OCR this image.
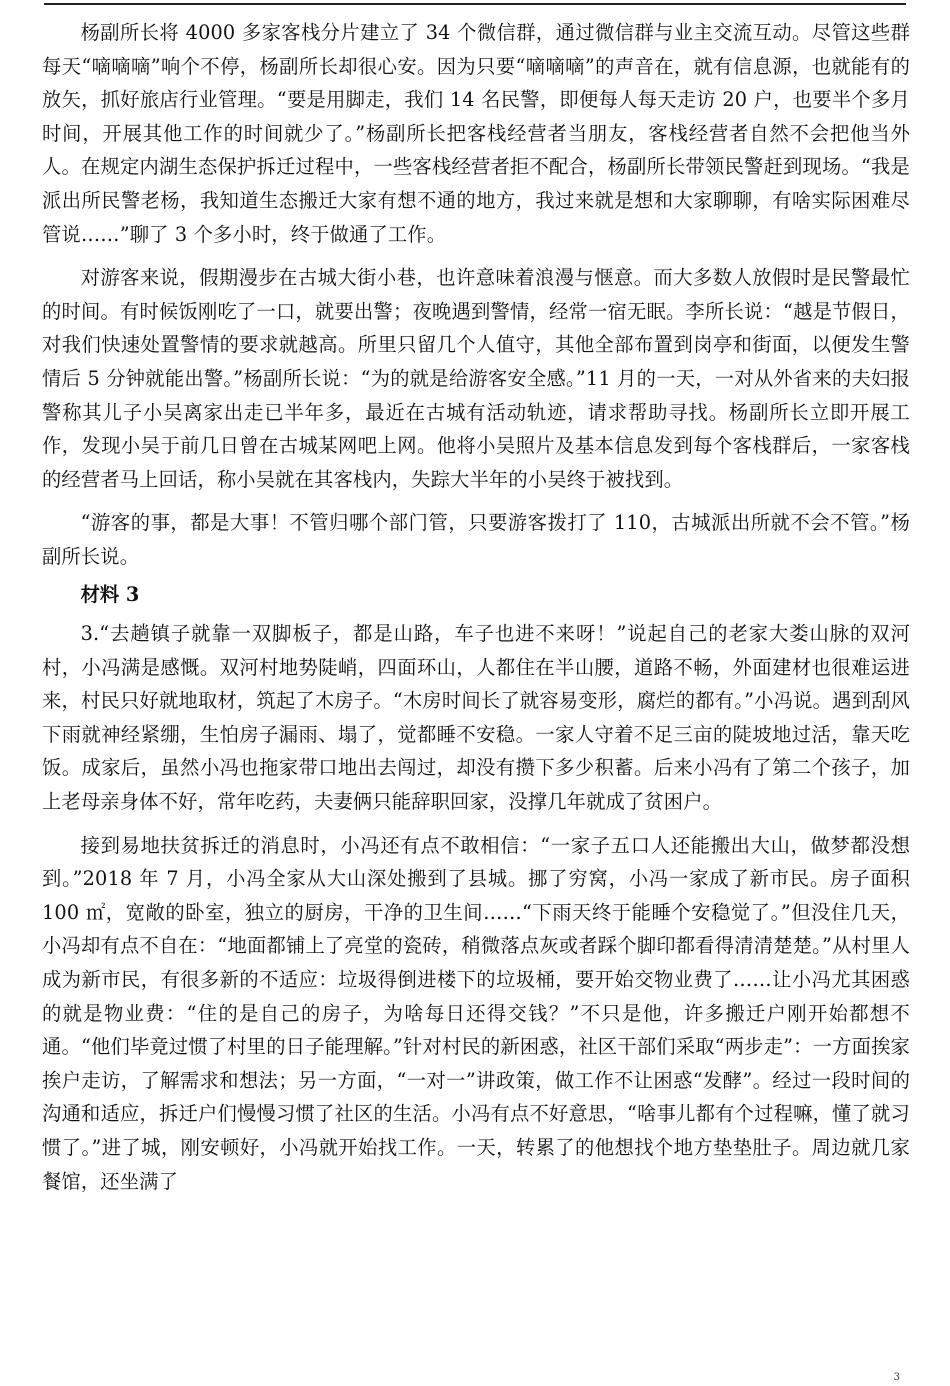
杨副所长将 4000 多家客栈分片建立了 34 个微信群，通过微信群与业主交流互动。尽管这些群每天“嘀嘀嘀”响个不停，杨副所长却很心安。因为只要“嘀嘀嘀”的声音在，就有信息源，也就能有的放矢，抓好旅店行业管理。“要是用脚走，我们 14 名民警，即便每人每天走访 20 户，也要半个多月时间，开展其他工作的时间就少了。”杨副所长把客栈经营者当朋友，客栈经营者自然不会把他当外人。在规定内湖生态保护拆迁过程中，一些客栈经营者拒不配合，杨副所长带领民警赶到现场。“我是派出所民警老杨，我知道生态搬迁大家有想不通的地方，我过来就是想和大家聊聊，有啥实际困难尽管说……”聊了 3 个多小时，终于做通了工作。

对游客来说，假期漫步在古城大街小巷，也许意味着浪漫与惬意。而大多数人放假时是民警最忙的时间。有时候饭刚吃了一口，就要出警；夜晚遇到警情，经常一宿无眠。李所长说：“越是节假日，对我们快速处置警情的要求就越高。所里只留几个人值守，其他全部布置到岗亭和街面，以便发生警情后 5 分钟就能出警。”杨副所长说：“为的就是给游客安全感。”11 月的一天，一对从外省来的夫妇报警称其儿子小吴离家出走已半年多，最近在古城有活动轨迹，请求帮助寻找。杨副所长立即开展工作，发现小吴于前几日曾在古城某网吧上网。他将小吴照片及基本信息发到每个客栈群后，一家客栈的经营者马上回话，称小吴就在其客栈内，失踪大半年的小吴终于被找到。

“游客的事，都是大事！不管归哪个部门管，只要游客拨打了 110，古城派出所就不会不管。”杨副所长说。

材料 3

3.“去趟镇子就靠一双脚板子，都是山路，车子也进不来呀！”说起自己的老家大娄山脉的双河村，小冯满是感慨。双河村地势陡峭，四面环山，人都住在半山腰，道路不畅，外面建材也很难运进来，村民只好就地取材，筑起了木房子。“木房时间长了就容易变形，腐烂的都有。”小冯说。遇到刮风下雨就神经紧绷，生怕房子漏雨、塌了，觉都睡不安稳。一家人守着不足三亩的陡坡地过活，靠天吃饭。成家后，虽然小冯也拖家带口地出去闯过，却没有攒下多少积蓄。后来小冯有了第二个孩子，加上老母亲身体不好，常年吃药，夫妻俩只能辞职回家，没撑几年就成了贫困户。

接到易地扶贫拆迁的消息时，小冯还有点不敢相信：“一家子五口人还能搬出大山，做梦都没想到。”2018 年 7 月，小冯全家从大山深处搬到了县城。挪了穷窝，小冯一家成了新市民。房子面积 100 ㎡，宽敞的卧室，独立的厨房，干净的卫生间……“下雨天终于能睡个安稳觉了。”但没住几天，小冯却有点不自在：“地面都铺上了亮堂的瓷砖，稍微落点灰或者踩个脚印都看得清清楚楚。”从村里人成为新市民，有很多新的不适应：垃圾得倒进楼下的垃圾桶，要开始交物业费了……让小冯尤其困惑的就是物业费：“住的是自己的房子，为啥每日还得交钱？”不只是他，许多搬迁户刚开始都想不通。“他们毕竟过惯了村里的日子能理解。”针对村民的新困惑，社区干部们采取“两步走”：一方面挨家挨户走访，了解需求和想法；另一方面，“一对一”讲政策，做工作不让困惑“发酵”。经过一段时间的沟通和适应，拆迁户们慢慢习惯了社区的生活。小冯有点不好意思，“啥事儿都有个过程嘛，懂了就习惯了。”进了城，刚安顿好，小冯就开始找工作。一天，转累了的他想找个地方垫垫肚子。周边就几家餐馆，还坐满了

3
